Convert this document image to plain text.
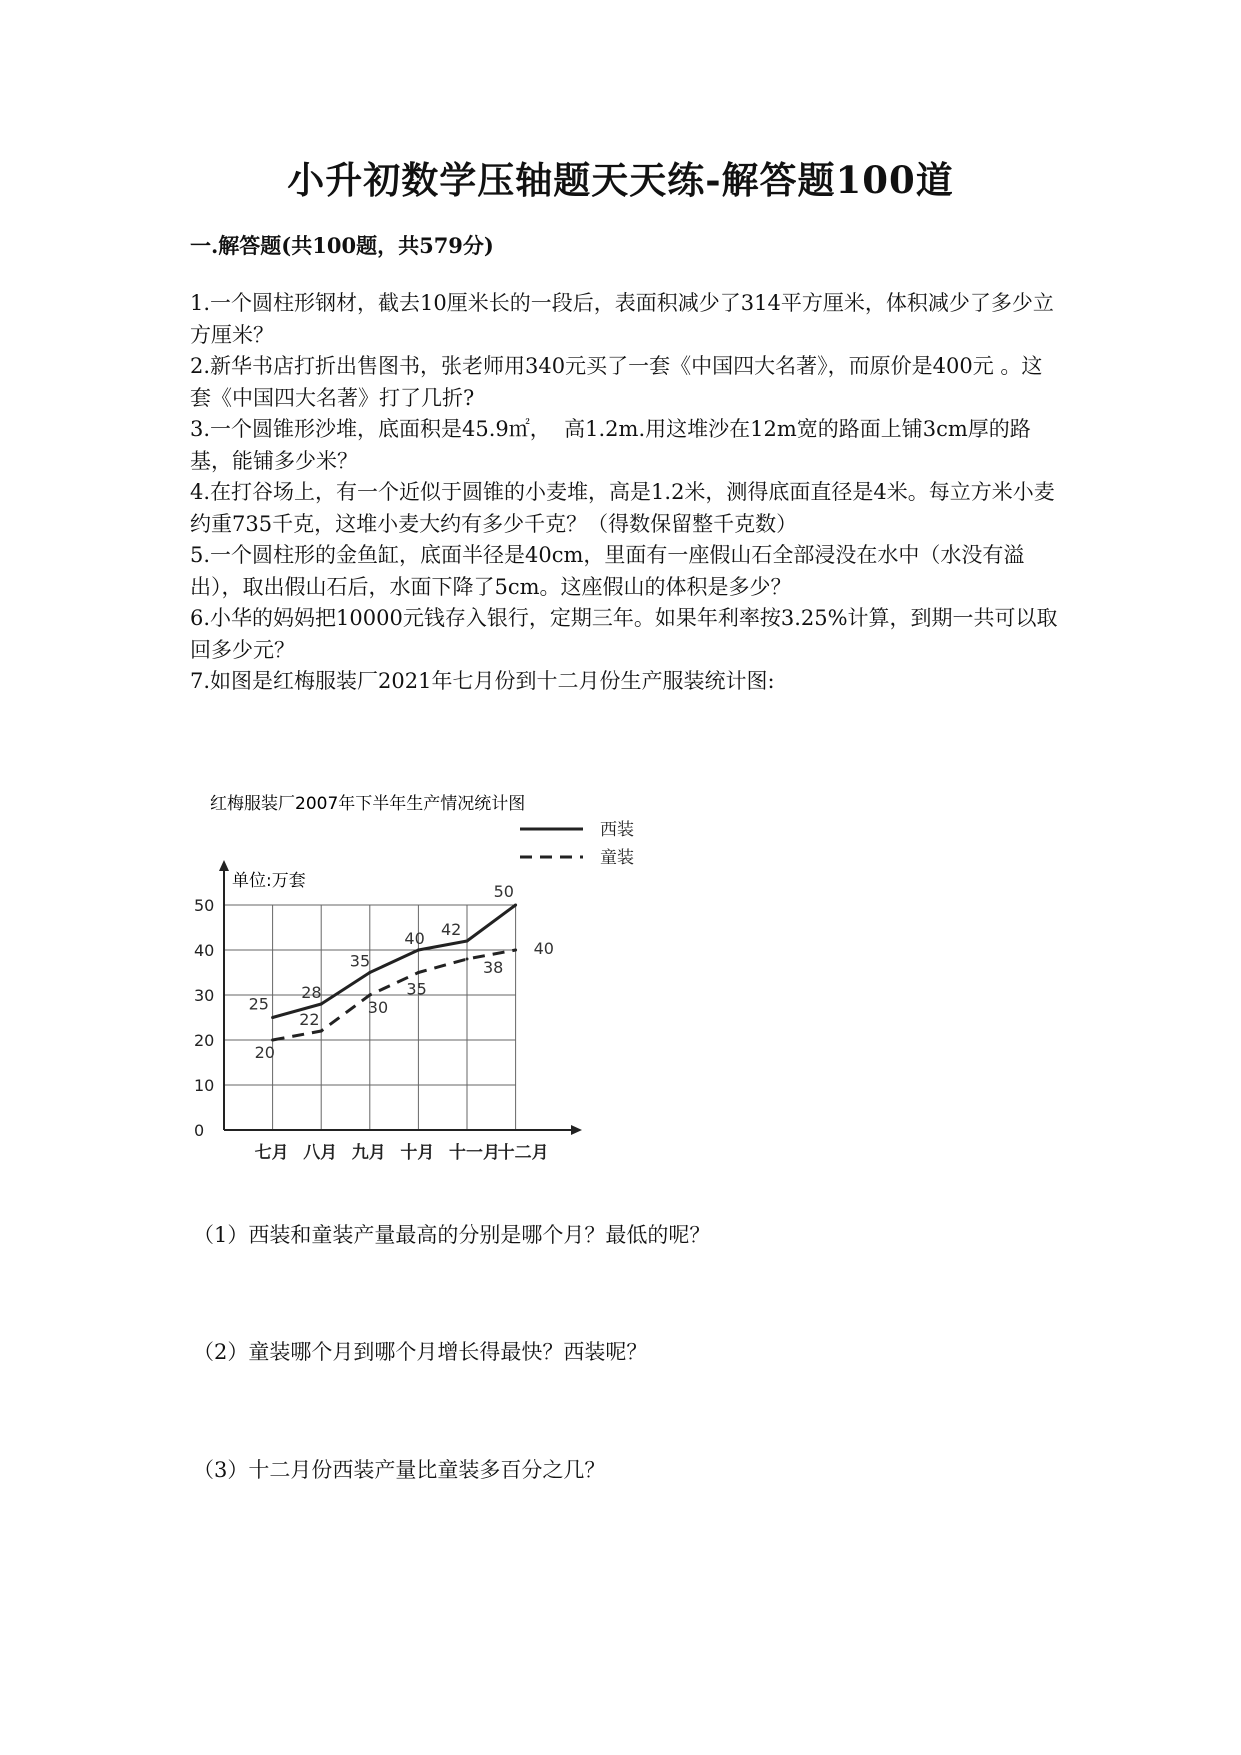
小升初数学压轴题天天练-解答题100道
一.解答题(共100题，共579分)

1.一个圆柱形钢材，截去10厘米长的一段后，表面积减少了314平方厘米，体积减少了多少立方厘米？

2.新华书店打折出售图书，张老师用340元买了一套《中国四大名著》，而原价是400元 。这套《中国四大名著》打了几折?

3.一个圆锥形沙堆，底面积是45.9㎡，  高1.2m.用这堆沙在12m宽的路面上铺3cm厚的路基，能铺多少米？

4.在打谷场上，有一个近似于圆锥的小麦堆，高是1.2米，测得底面直径是4米。每立方米小麦约重735千克，这堆小麦大约有多少千克？（得数保留整千克数）

5.一个圆柱形的金鱼缸，底面半径是40cm，里面有一座假山石全部浸没在水中（水没有溢出），取出假山石后，水面下降了5cm。这座假山的体积是多少？

6.小华的妈妈把10000元钱存入银行，定期三年。如果年利率按3.25%计算，到期一共可以取回多少元？

7.如图是红梅服装厂2021年七月份到十二月份生产服装统计图:

红梅服装厂2007年下半年生产情况统计图
单位:万套
0
10
20
30
40
50
七月 八月 九月 十月 十一月
十二月
25
28
35
40 42
50
20
22
30
35
38
40
西装
童装

（1）西装和童装产量最高的分别是哪个月？最低的呢？

（2）童装哪个月到哪个月增长得最快？西装呢？

（3）十二月份西装产量比童装多百分之几？
